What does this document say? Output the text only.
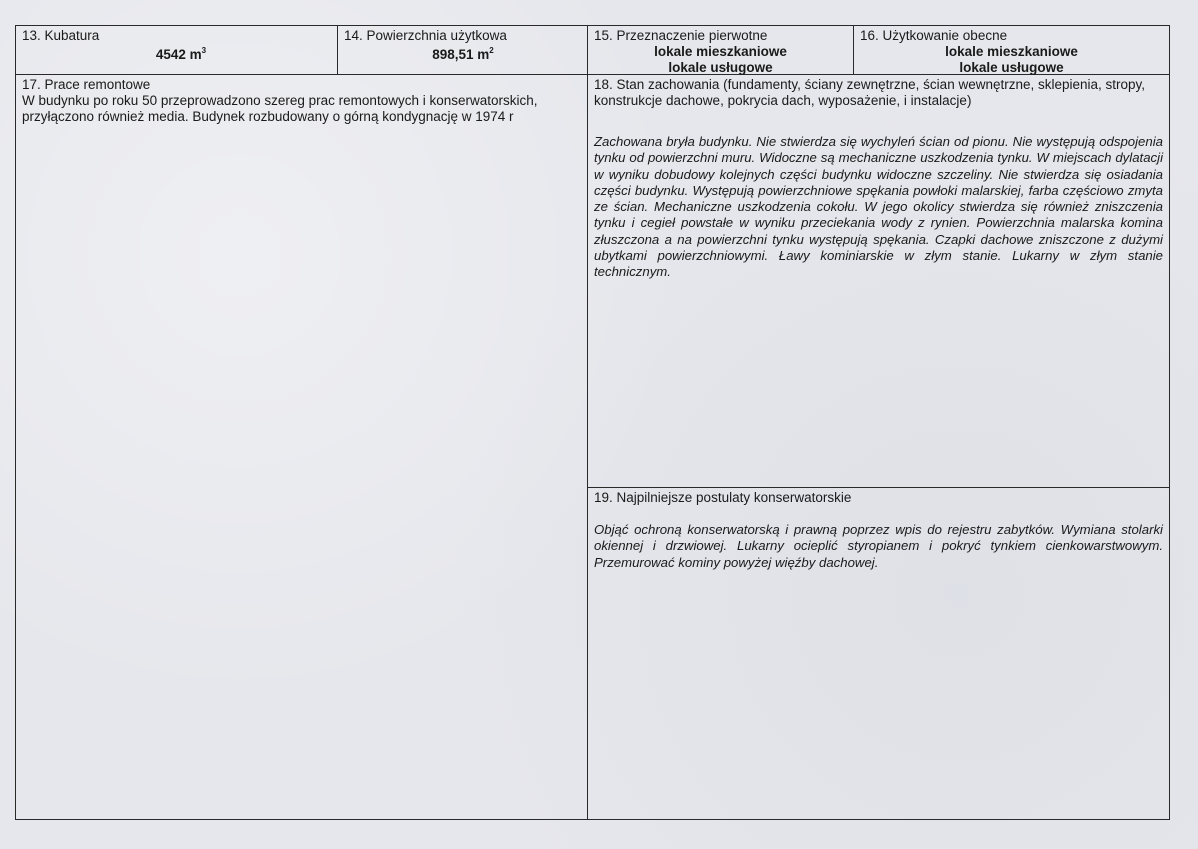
13. Kubatura
4542 $m^3$
14. Powierzchnia użytkowa
898,51 $m^2$
15. Przeznaczenie pierwotne
lokale mieszkaniowe
lokale usługowe
16. Użytkowanie obecne
lokale mieszkaniowe
lokale usługowe
17. Prace remontowe
W budynku po roku 50 przeprowadzono szereg prac remontowych i konserwatorskich, przyłączono również media. Budynek rozbudowany o górną kondygnację w 1974 r
18. Stan zachowania (fundamenty, ściany zewnętrzne, ścian wewnętrzne, sklepienia, stropy, konstrukcje dachowe, pokrycia dach, wyposażenie, i instalacje)
Zachowana bryła budynku. Nie stwierdza się wychyleń ścian od pionu. Nie występują odspojenia tynku od powierzchni muru. Widoczne są mechaniczne uszkodzenia tynku. W miejscach dylatacji w wyniku dobudowy kolejnych części budynku widoczne szczeliny. Nie stwierdza się osiadania części budynku. Występują powierzchniowe spękania powłoki malarskiej, farba częściowo zmyta ze ścian. Mechaniczne uszkodzenia cokołu. W jego okolicy stwierdza się również zniszczenia tynku i cegieł powstałe w wyniku przeciekania wody z rynien. Powierzchnia malarska komina złuszczona a na powierzchni tynku występują spękania. Czapki dachowe zniszczone z dużymi ubytkami powierzchniowymi. Ławy kominiarskie w złym stanie. Lukarny w złym stanie technicznym.
19. Najpilniejsze postulaty konserwatorskie
Objąć ochroną konserwatorską i prawną poprzez wpis do rejestru zabytków. Wymiana stolarki okiennej i drzwiowej. Lukarny ocieplić styropianem i pokryć tynkiem cienkowarstwowym. Przemurować kominy powyżej więźby dachowej.
